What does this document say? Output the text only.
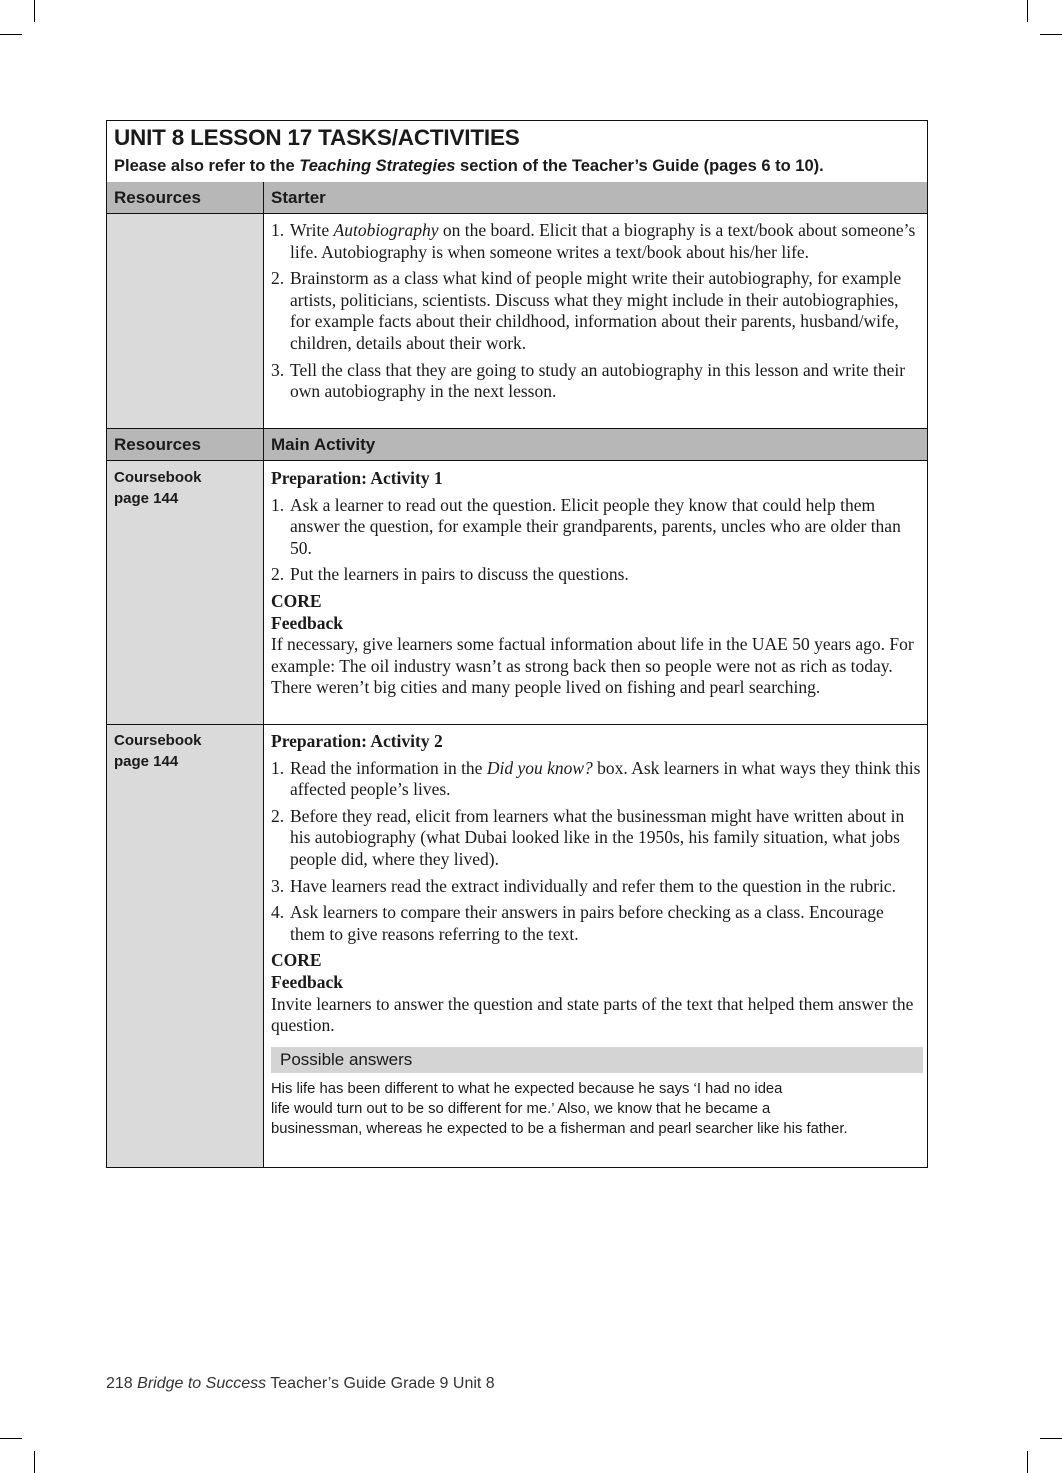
UNIT 8 LESSON 17 TASKS/ACTIVITIES
Please also refer to the Teaching Strategies section of the Teacher’s Guide (pages 6 to 10).
Resources	Starter
1. Write Autobiography on the board. Elicit that a biography is a text/book about someone’s life. Autobiography is when someone writes a text/book about his/her life.
2. Brainstorm as a class what kind of people might write their autobiography, for example artists, politicians, scientists. Discuss what they might include in their autobiographies, for example facts about their childhood, information about their parents, husband/wife, children, details about their work.
3. Tell the class that they are going to study an autobiography in this lesson and write their own autobiography in the next lesson.
Resources	Main Activity
Coursebook
page 144

Preparation: Activity 1

1. Ask a learner to read out the question. Elicit people they know that could help them answer the question, for example their grandparents, parents, uncles who are older than 50.
2. Put the learners in pairs to discuss the questions.

CORE

Feedback

If necessary, give learners some factual information about life in the UAE 50 years ago. For example: The oil industry wasn’t as strong back then so people were not as rich as today. There weren’t big cities and many people lived on fishing and pearl searching.

Coursebook
page 144

Preparation: Activity 2

1. Read the information in the Did you know? box. Ask learners in what ways they think this affected people’s lives.
2. Before they read, elicit from learners what the businessman might have written about in his autobiography (what Dubai looked like in the 1950s, his family situation, what jobs people did, where they lived).
3. Have learners read the extract individually and refer them to the question in the rubric.
4. Ask learners to compare their answers in pairs before checking as a class. Encourage them to give reasons referring to the text.

CORE

Feedback

Invite learners to answer the question and state parts of the text that helped them answer the question.

Possible answers
His life has been different to what he expected because he says ‘I had no idea
life would turn out to be so different for me.’ Also, we know that he became a
businessman, whereas he expected to be a fisherman and pearl searcher like his father.
218 Bridge to Success Teacher’s Guide Grade 9 Unit 8
